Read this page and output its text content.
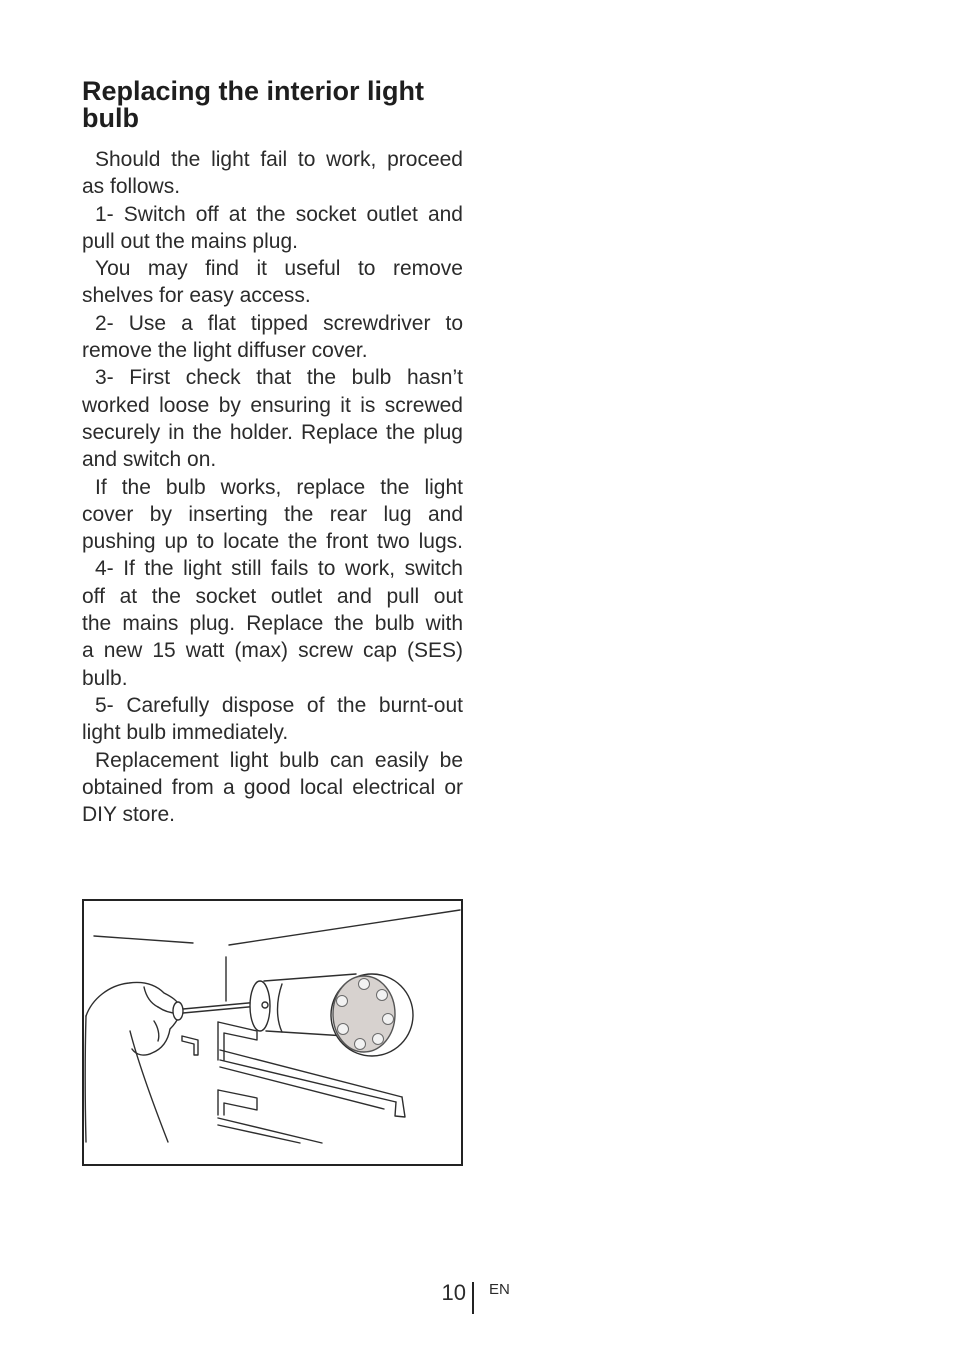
Replacing the interior light bulb
Should the light fail to work, proceed
as follows.
1- Switch off at the socket outlet and
pull out the mains plug.
You may find it useful to remove
shelves for easy access.
2- Use a flat tipped screwdriver to
remove the light diffuser cover.
3- First check that the bulb hasn’t
worked loose by ensuring it is screwed
securely in the holder. Replace the plug
and switch on.
If the bulb works, replace the light
cover by inserting the rear lug and
pushing up to locate the front two lugs.
4- If the light still fails to work, switch
off at the socket outlet and pull out
the mains plug. Replace the bulb with
a new 15 watt (max) screw cap (SES)
bulb.
5- Carefully dispose of the burnt-out
light bulb immediately.
Replacement light bulb can easily be
obtained from a good local electrical or
DIY store.
10 EN
